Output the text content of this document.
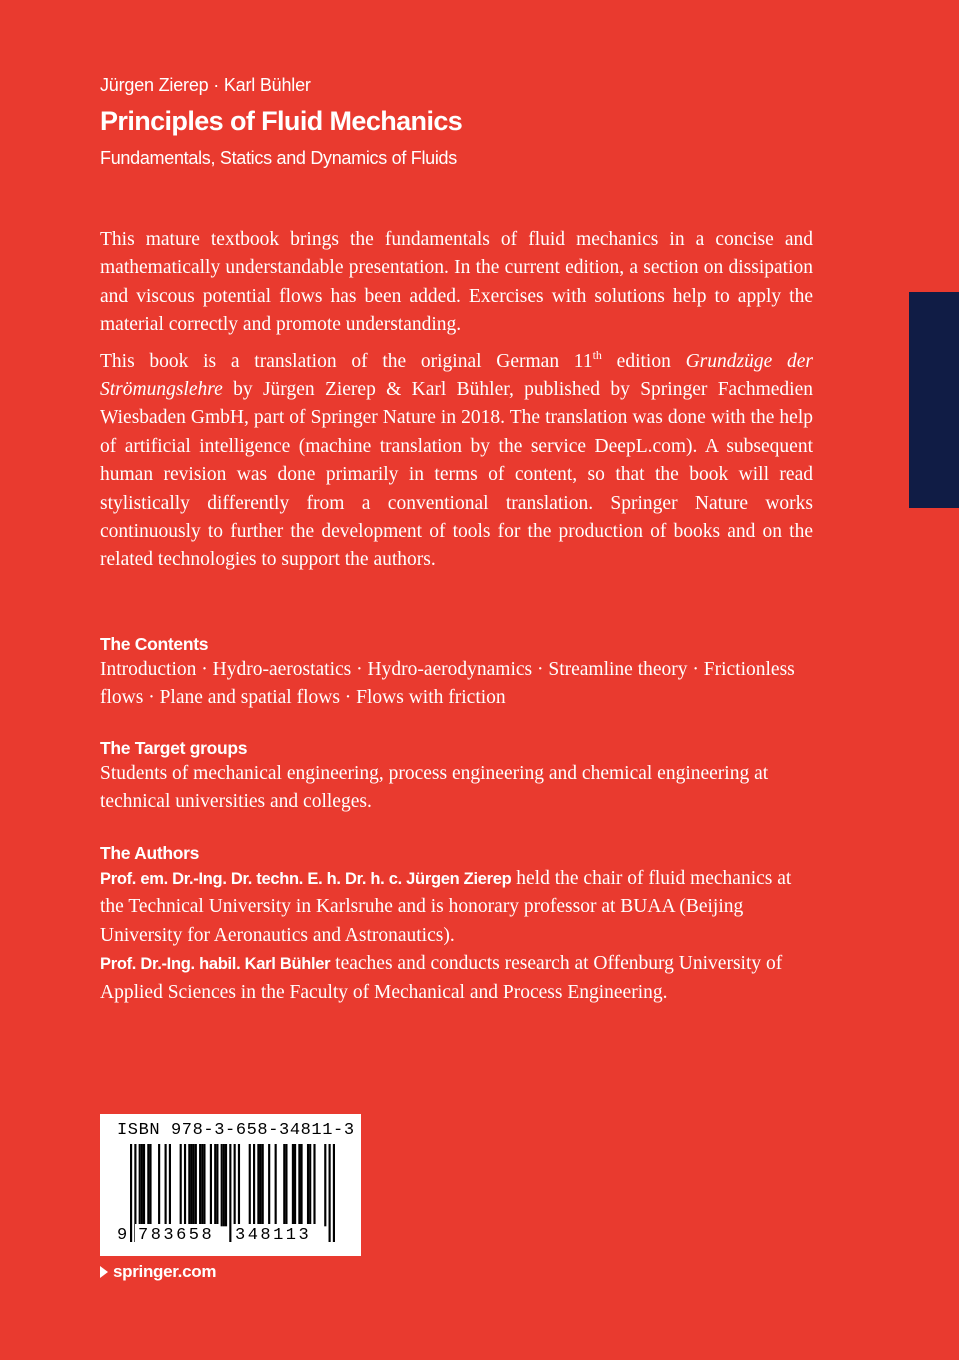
Jürgen Zierep · Karl Bühler
Principles of Fluid Mechanics
Fundamentals, Statics and Dynamics of Fluids

This mature textbook brings the fundamentals of fluid mechanics in a concise and mathematically understandable presentation. In the current edition, a section on dissipation and viscous potential flows has been added. Exercises with solutions help to apply the material correctly and promote understanding.

This book is a translation of the original German 11th edition Grundzüge der Strömungslehre by Jürgen Zierep & Karl Bühler, published by Springer Fachmedien Wiesbaden GmbH, part of Springer Nature in 2018. The translation was done with the help of artificial intelligence (machine translation by the service DeepL.com). A subsequent human revision was done primarily in terms of content, so that the book will read stylistically differently from a conventional translation. Springer Nature works continuously to further the development of tools for the production of books and on the related technologies to support the authors.

The Contents
Introduction · Hydro-aerostatics · Hydro-aerodynamics · Streamline theory · Frictionless flows · Plane and spatial flows · Flows with friction
The Target groups
Students of mechanical engineering, process engineering and chemical engineering at technical universities and colleges.
The Authors
Prof. em. Dr.-Ing. Dr. techn. E. h. Dr. h. c. Jürgen Zierep held the chair of fluid mechanics at the Technical University in Karlsruhe and is honorary professor at BUAA (Beijing University for Aeronautics and Astronautics).
Prof. Dr.-Ing. habil. Karl Bühler teaches and conducts research at Offenburg University of Applied Sciences in the Faculty of Mechanical and Process Engineering.
ISBN 978-3-658-34811-3
9 783658 348113
springer.com
